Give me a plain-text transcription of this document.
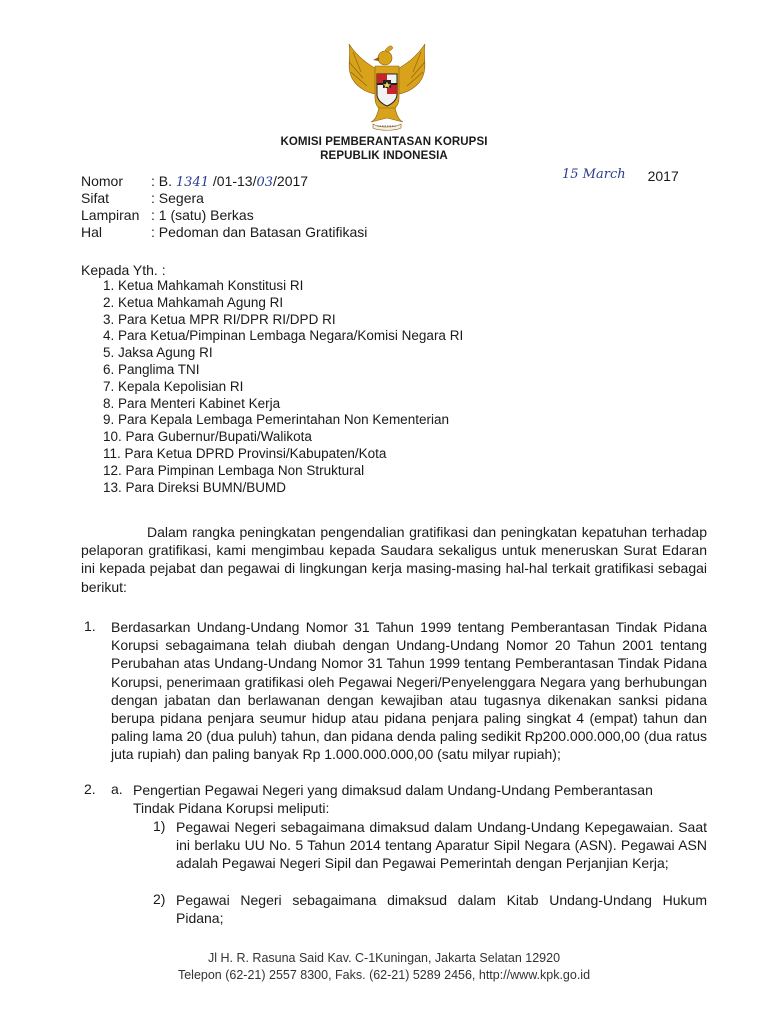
KOMISI PEMBERANTASAN KORUPSI
REPUBLIK INDONESIA
Nomor	: B. 1341 /01-13/03/2017
Sifat	: Segera
Lampiran : 1 (satu) Berkas
Hal	: Pedoman dan Batasan Gratifikasi
15 March 2017
Kepada Yth. :
1. Ketua Mahkamah Konstitusi RI
2. Ketua Mahkamah Agung RI
3. Para Ketua MPR RI/DPR RI/DPD RI
4. Para Ketua/Pimpinan Lembaga Negara/Komisi Negara RI
5. Jaksa Agung RI
6. Panglima TNI
7. Kepala Kepolisian RI
8. Para Menteri Kabinet Kerja
9. Para Kepala Lembaga Pemerintahan Non Kementerian
10. Para Gubernur/Bupati/Walikota
11. Para Ketua DPRD Provinsi/Kabupaten/Kota
12. Para Pimpinan Lembaga Non Struktural
13. Para Direksi BUMN/BUMD

Dalam rangka peningkatan pengendalian gratifikasi dan peningkatan kepatuhan terhadap pelaporan gratifikasi, kami mengimbau kepada Saudara sekaligus untuk meneruskan Surat Edaran ini kepada pejabat dan pegawai di lingkungan kerja masing-masing hal-hal terkait gratifikasi sebagai berikut:

1. Berdasarkan Undang-Undang Nomor 31 Tahun 1999 tentang Pemberantasan Tindak Pidana Korupsi sebagaimana telah diubah dengan Undang-Undang Nomor 20 Tahun 2001 tentang Perubahan atas Undang-Undang Nomor 31 Tahun 1999 tentang Pemberantasan Tindak Pidana Korupsi, penerimaan gratifikasi oleh Pegawai Negeri/Penyelenggara Negara yang berhubungan dengan jabatan dan berlawanan dengan kewajiban atau tugasnya dikenakan sanksi pidana berupa pidana penjara seumur hidup atau pidana penjara paling singkat 4 (empat) tahun dan paling lama 20 (dua puluh) tahun, dan pidana denda paling sedikit Rp200.000.000,00 (dua ratus juta rupiah) dan paling banyak Rp 1.000.000.000,00 (satu milyar rupiah);

2. a. Pengertian Pegawai Negeri yang dimaksud dalam Undang-Undang Pemberantasan
Tindak Pidana Korupsi meliputi:
1) Pegawai Negeri sebagaimana dimaksud dalam Undang-Undang Kepegawaian. Saat ini berlaku UU No. 5 Tahun 2014 tentang Aparatur Sipil Negara (ASN). Pegawai ASN adalah Pegawai Negeri Sipil dan Pegawai Pemerintah dengan Perjanjian Kerja;

2) Pegawai Negeri sebagaimana dimaksud dalam Kitab Undang-Undang Hukum Pidana;

Jl H. R. Rasuna Said Kav. C-1Kuningan, Jakarta Selatan 12920
Telepon (62-21) 2557 8300, Faks. (62-21) 5289 2456, http://www.kpk.go.id
